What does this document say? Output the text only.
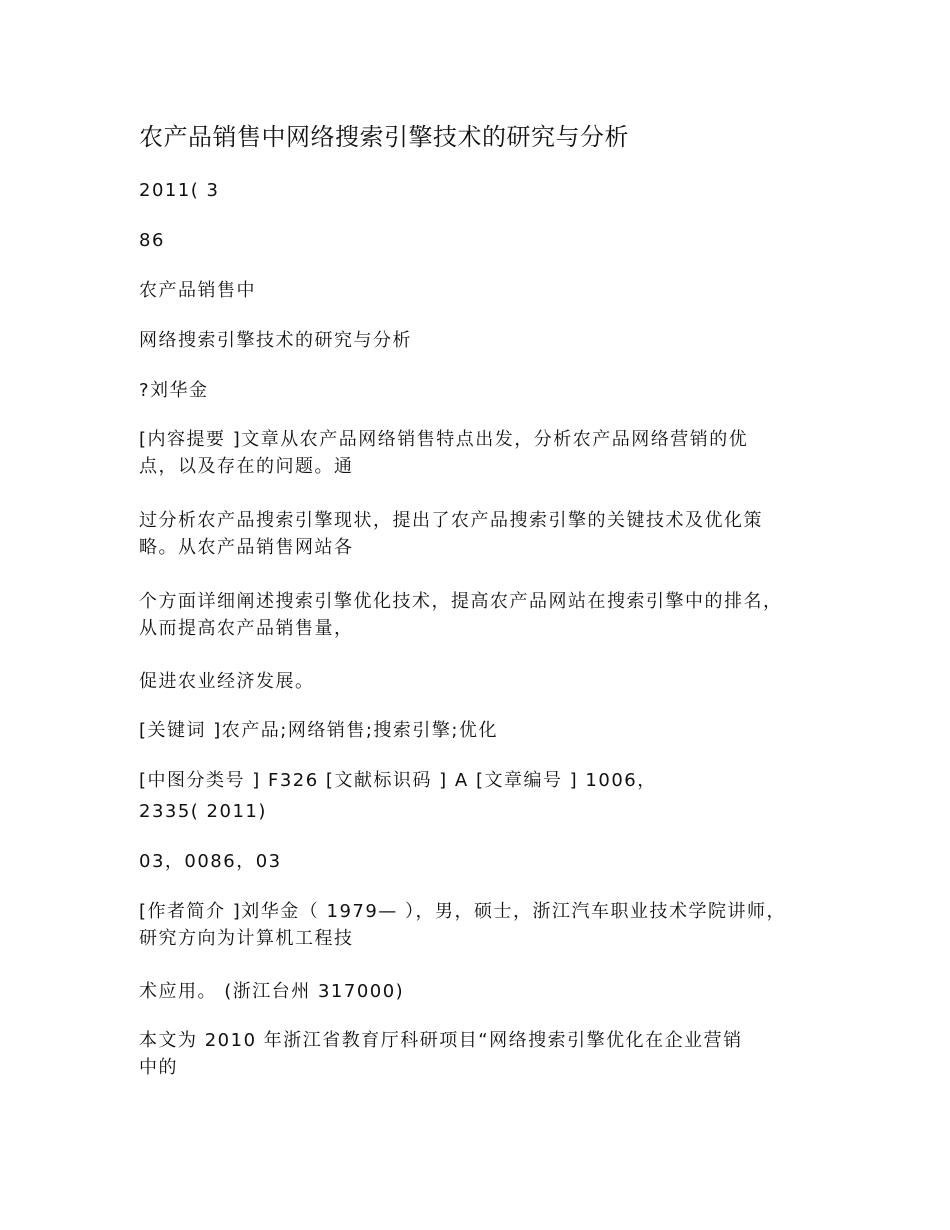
农产品销售中网络搜索引擎技术的研究与分析
2011( 3
86
农产品销售中
网络搜索引擎技术的研究与分析
?刘华金
[内容提要 ]文章从农产品网络销售特点出发，分析农产品网络营销的优
点，以及存在的问题。通
过分析农产品搜索引擎现状，提出了农产品搜索引擎的关键技术及优化策
略。从农产品销售网站各
个方面详细阐述搜索引擎优化技术，提高农产品网站在搜索引擎中的排名，
从而提高农产品销售量，
促进农业经济发展。
[关键词 ]农产品;网络销售;搜索引擎;优化
[中图分类号 ] F326 [文献标识码 ] A [文章编号 ] 1006，
2335( 2011)
03，0086，03
[作者简介 ]刘华金（ 1979— ），男，硕士，浙江汽车职业技术学院讲师，
研究方向为计算机工程技
术应用。 (浙江台州 317000)
本文为 2010 年浙江省教育厅科研项目“网络搜索引擎优化在企业营销
中的
